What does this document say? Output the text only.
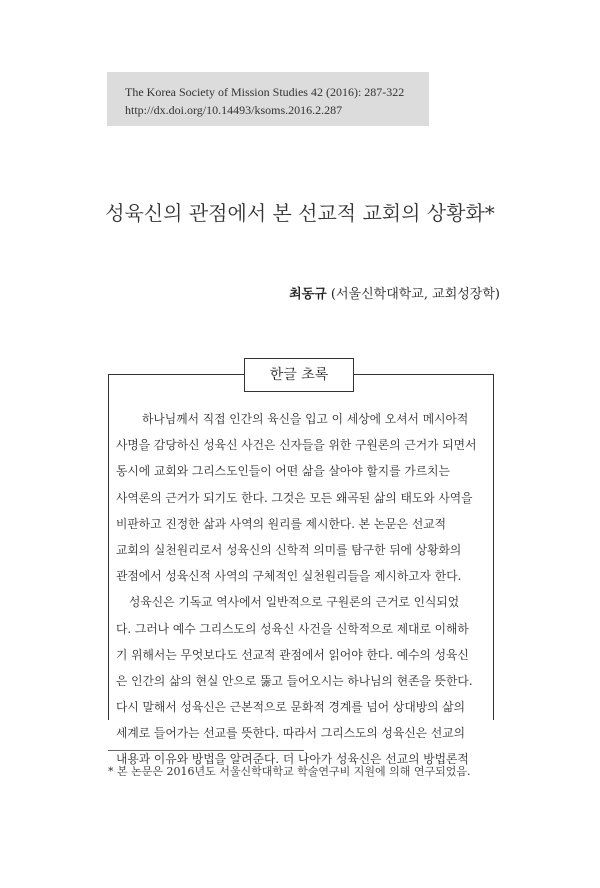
The Korea Society of Mission Studies 42 (2016): 287-322
http://dx.doi.org/10.14493/ksoms.2016.2.287
성육신의 관점에서 본 선교적 교회의 상황화*
최동규 (서울신학대학교, 교회성장학)
한글 초록
하나님께서 직접 인간의 육신을 입고 이 세상에 오셔서 메시아적
사명을 감당하신 성육신 사건은 신자들을 위한 구원론의 근거가 되면서
동시에 교회와 그리스도인들이 어떤 삶을 살아야 할지를 가르치는
사역론의 근거가 되기도 한다. 그것은 모든 왜곡된 삶의 태도와 사역을
비판하고 진정한 삶과 사역의 원리를 제시한다. 본 논문은 선교적
교회의 실천원리로서 성육신의 신학적 의미를 탐구한 뒤에 상황화의
관점에서 성육신적 사역의 구체적인 실천원리들을 제시하고자 한다.
성육신은 기독교 역사에서 일반적으로 구원론의 근거로 인식되었
다. 그러나 예수 그리스도의 성육신 사건을 신학적으로 제대로 이해하
기 위해서는 무엇보다도 선교적 관점에서 읽어야 한다. 예수의 성육신
은 인간의 삶의 현실 안으로 뚫고 들어오시는 하나님의 현존을 뜻한다.
다시 말해서 성육신은 근본적으로 문화적 경계를 넘어 상대방의 삶의
세계로 들어가는 선교를 뜻한다. 따라서 그리스도의 성육신은 선교의
내용과 이유와 방법을 알려준다. 더 나아가 성육신은 선교의 방법론적
* 본 논문은 2016년도 서울신학대학교 학술연구비 지원에 의해 연구되었음.
